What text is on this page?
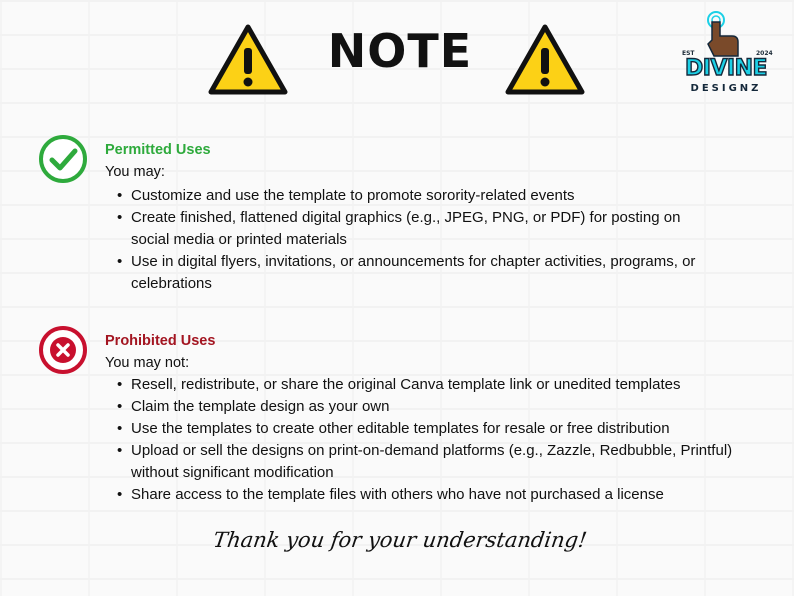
NOTE	EST	2024
DIVINE
DESIGNZ
Permitted Uses
You may:
• Customize and use the template to promote sorority-related events
• Create finished, flattened digital graphics (e.g., JPEG, PNG, or PDF) for posting on social media or printed materials
• Use in digital flyers, invitations, or announcements for chapter activities, programs, or celebrations
Prohibited Uses
You may not:
• Resell, redistribute, or share the original Canva template link or unedited templates
• Claim the template design as your own
• Use the templates to create other editable templates for resale or free distribution
• Upload or sell the designs on print-on-demand platforms (e.g., Zazzle, Redbubble, Printful) without significant modification
• Share access to the template files with others who have not purchased a license
Thank you for your understanding!
